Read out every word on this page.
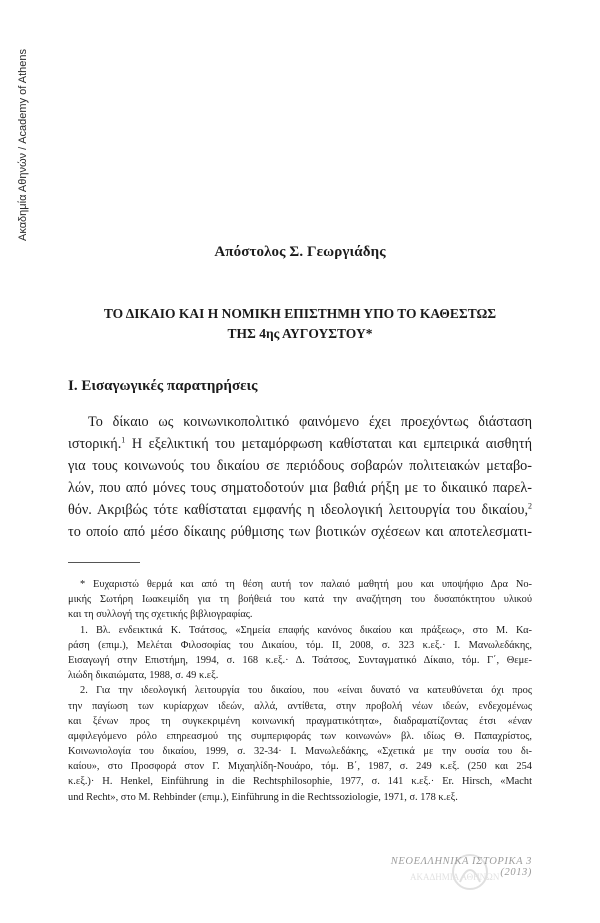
Ακαδημία Αθηνών / Academy of Athens
Απόστολος Σ. Γεωργιάδης
ΤΟ ΔΙΚΑΙΟ ΚΑΙ Η ΝΟΜΙΚΗ ΕΠΙΣΤΗΜΗ ΥΠΟ ΤΟ ΚΑΘΕΣΤΩΣ
ΤΗΣ 4ης ΑΥΓΟΥΣΤΟΥ*
Ι. Εισαγωγικές παρατηρήσεις
Το δίκαιο ως κοινωνικοπολιτικό φαινόμενο έχει προεχόντως διάσταση
ιστορική.$^1$ Η εξελικτική του μεταμόρφωση καθίσταται και εμπειρικά αισθητή
για τους κοινωνούς του δικαίου σε περιόδους σοβαρών πολιτειακών μεταβο-
λών, που από μόνες τους σηματοδοτούν μια βαθιά ρήξη με το δικαιικό παρελ-
θόν. Ακριβώς τότε καθίσταται εμφανής η ιδεολογική λειτουργία του δικαίου,$^2$
το οποίο από μέσο δίκαιης ρύθμισης των βιοτικών σχέσεων και αποτελεσματι-
* Ευχαριστώ θερμά και από τη θέση αυτή τον παλαιό μαθητή μου και υποψήφιο Δρα Νο-
μικής Σωτήρη Ιωακειμίδη για τη βοήθειά του κατά την αναζήτηση του δυσαπόκτητου υλικού
και τη συλλογή της σχετικής βιβλιογραφίας.
1. Βλ. ενδεικτικά Κ. Τσάτσος, «Σημεία επαφής κανόνος δικαίου και πράξεως», στο Μ. Κα-
ράση (επιμ.), Μελέται Φιλοσοφίας του Δικαίου, τόμ. II, 2008, σ. 323 κ.εξ.· Ι. Μανωλεδάκης,
Εισαγωγή στην Επιστήμη, 1994, σ. 168 κ.εξ.· Δ. Τσάτσος, Συνταγματικό Δίκαιο, τόμ. Γ΄, Θεμε-
λιώδη δικαιώματα, 1988, σ. 49 κ.εξ.
2. Για την ιδεολογική λειτουργία του δικαίου, που «είναι δυνατό να κατευθύνεται όχι προς
την παγίωση των κυρίαρχων ιδεών, αλλά, αντίθετα, στην προβολή νέων ιδεών, ενδεχομένως
και ξένων προς τη συγκεκριμένη κοινωνική πραγματικότητα», διαδραματίζοντας έτσι «έναν
αμφιλεγόμενο ρόλο επηρεασμού της συμπεριφοράς των κοινωνών» βλ. ιδίως Θ. Παπαχρίστος,
Κοινωνιολογία του δικαίου, 1999, σ. 32-34· Ι. Μανωλεδάκης, «Σχετικά με την ουσία του δι-
καίου», στο Προσφορά στον Γ. Μιχαηλίδη-Νουάρο, τόμ. Β΄, 1987, σ. 249 κ.εξ. (250 και 254
κ.εξ.)· H. Henkel, Einführung in die Rechtsphilosophie, 1977, σ. 141 κ.εξ.· Er. Hirsch, «Macht
und Recht», στο M. Rehbinder (επιμ.), Einführung in die Rechtssoziologie, 1971, σ. 178 κ.εξ.
ΑΚΑΔΗΜΙΑ ΑΘΗΝΩΝ
ΝΕΟΕΛΛΗΝΙΚΑ ΙΣΤΟΡΙΚΑ 3 (2013)
